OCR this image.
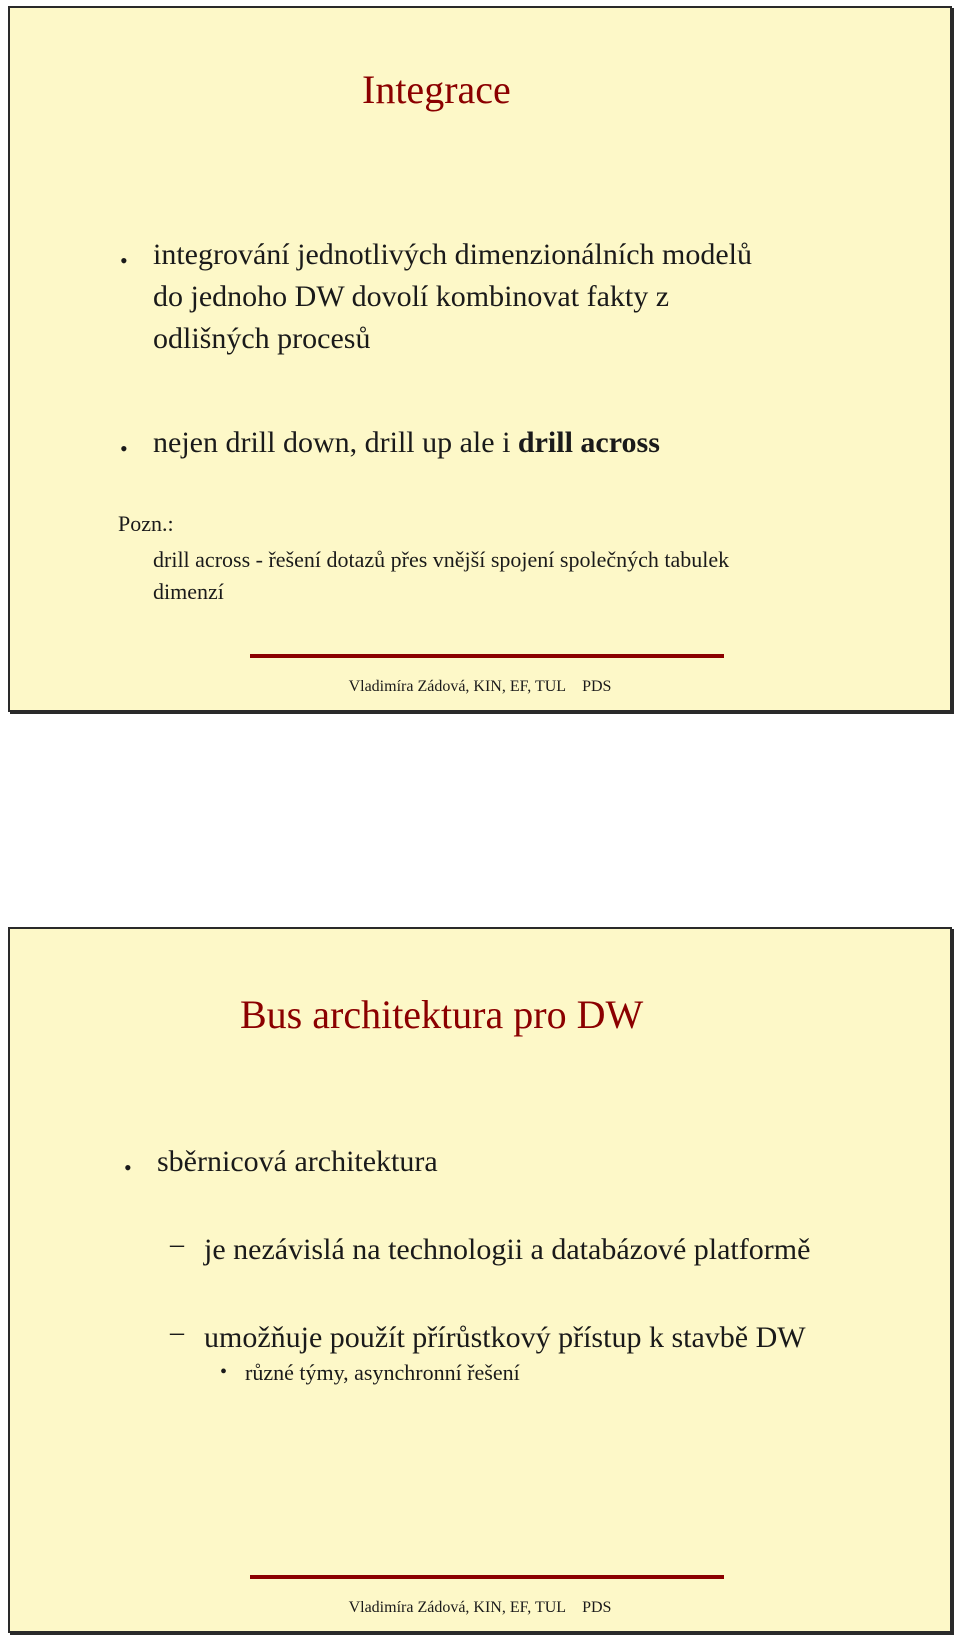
Integrace
• integrování jednotlivých dimenzionálních modelů
do jednoho DW dovolí kombinovat fakty z
odlišných procesů
• nejen drill down, drill up ale i drill across
Pozn.:
drill across - řešení dotazů přes vnější spojení společných tabulek
dimenzí
Vladimíra Zádová, KIN, EF, TUL PDS
Bus architektura pro DW
• sběrnicová architektura
– je nezávislá na technologii a databázové platformě
– umožňuje použít přírůstkový přístup k stavbě DW
• různé týmy, asynchronní řešení
Vladimíra Zádová, KIN, EF, TUL PDS
